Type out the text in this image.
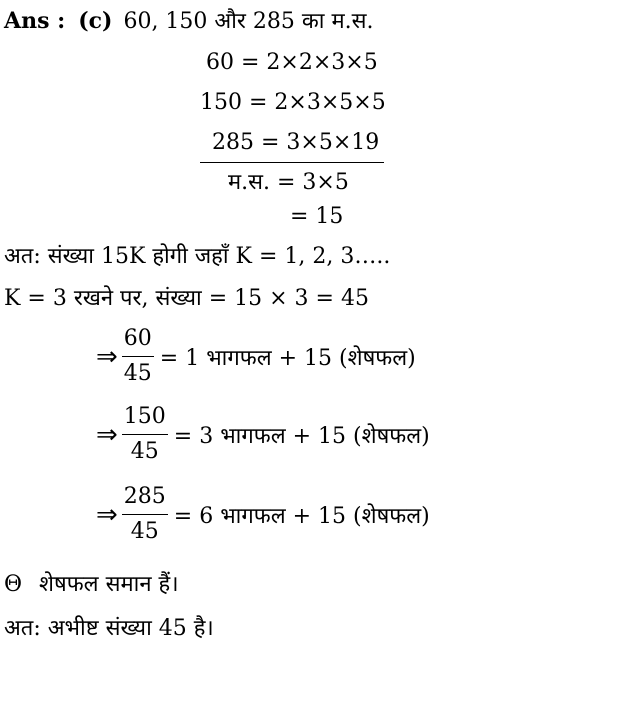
Ans : (c) 60, 150 और 285 का म.स.
60 = 2×2×3×5
150 = 2×3×5×5
285 = 3×5×19
म.स. = 3×5
= 15
अत: संख्या 15K होगी जहाँ K = 1, 2, 3…..
K = 3 रखने पर, संख्या = 15 × 3 = 45
⇒ $\frac{60}{45} = 1$ भागफल + 15 (शेषफल)
⇒ $\frac{150}{45} = 3$ भागफल + 15 (शेषफल)
⇒ $\frac{285}{45} = 6$ भागफल + 15 (शेषफल)
Θ शेषफल समान हैं।
अत: अभीष्ट संख्या 45 है।
